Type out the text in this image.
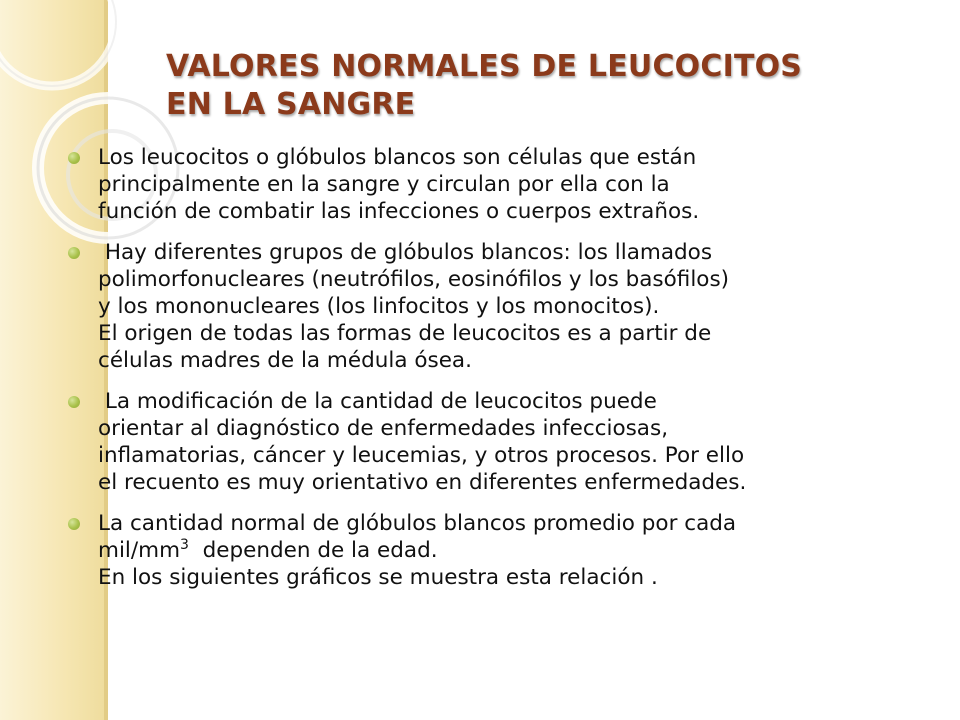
VALORES NORMALES DE LEUCOCITOS
EN LA SANGRE
Los leucocitos o glóbulos blancos son células que están
principalmente en la sangre y circulan por ella con la
función de combatir las infecciones o cuerpos extraños.
Hay diferentes grupos de glóbulos blancos: los llamados
polimorfonucleares (neutrófilos, eosinófilos y los basófilos)
y los mononucleares (los linfocitos y los monocitos).
El origen de todas las formas de leucocitos es a partir de
células madres de la médula ósea.
La modificación de la cantidad de leucocitos puede
orientar al diagnóstico de enfermedades infecciosas,
inflamatorias, cáncer y leucemias, y otros procesos. Por ello
el recuento es muy orientativo en diferentes enfermedades.
La cantidad normal de glóbulos blancos promedio por cada
mil/$mm^3$  dependen de la edad.
En los siguientes gráficos se muestra esta relación .
